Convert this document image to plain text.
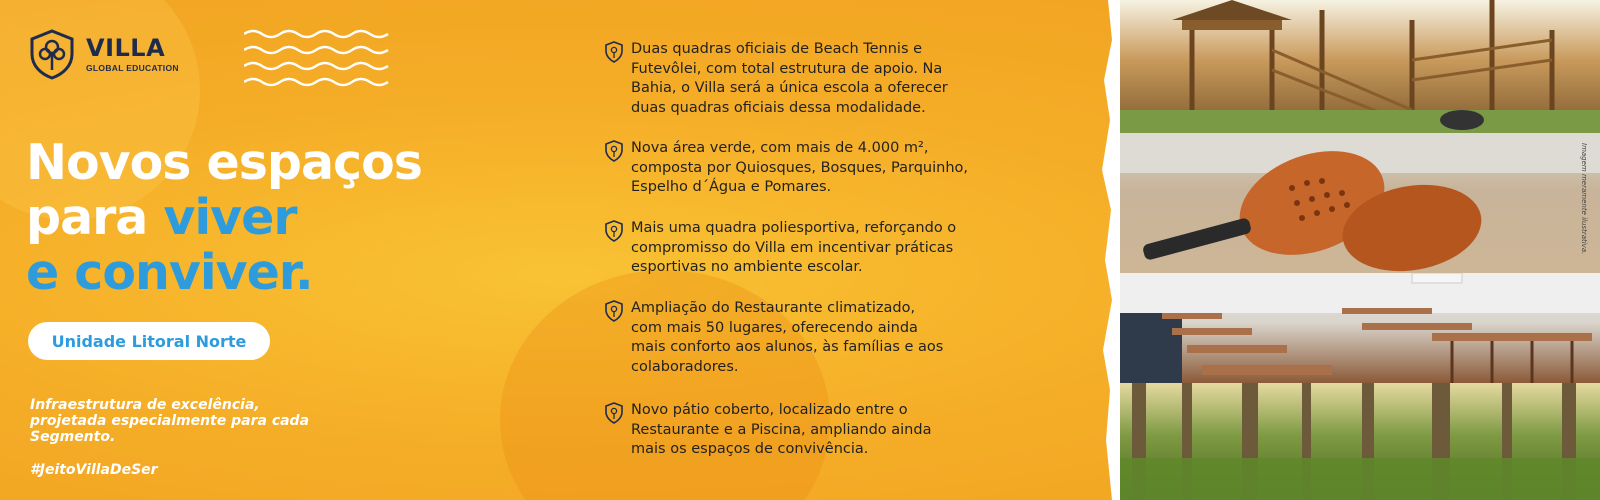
VILLA
GLOBAL EDUCATION
Novos espaços
para viver
e conviver.
Unidade Litoral Norte
Infraestrutura de excelência, projetada especialmente para cada Segmento.
#JeitoVillaDeSer
Duas quadras oficiais de Beach Tennis e
Futevôlei, com total estrutura de apoio. Na
Bahia, o Villa será a única escola a oferecer
duas quadras oficiais dessa modalidade.
Nova área verde, com mais de 4.000 m²,
composta por Quiosques, Bosques, Parquinho,
Espelho d´Água e Pomares.
Mais uma quadra poliesportiva, reforçando o
compromisso do Villa em incentivar práticas
esportivas no ambiente escolar.
Ampliação do Restaurante climatizado,
com mais 50 lugares, oferecendo ainda
mais conforto aos alunos, às famílias e aos
colaboradores.
Novo pátio coberto, localizado entre o
Restaurante e a Piscina, ampliando ainda
mais os espaços de convivência.
Imagem meramente ilustrativa.
